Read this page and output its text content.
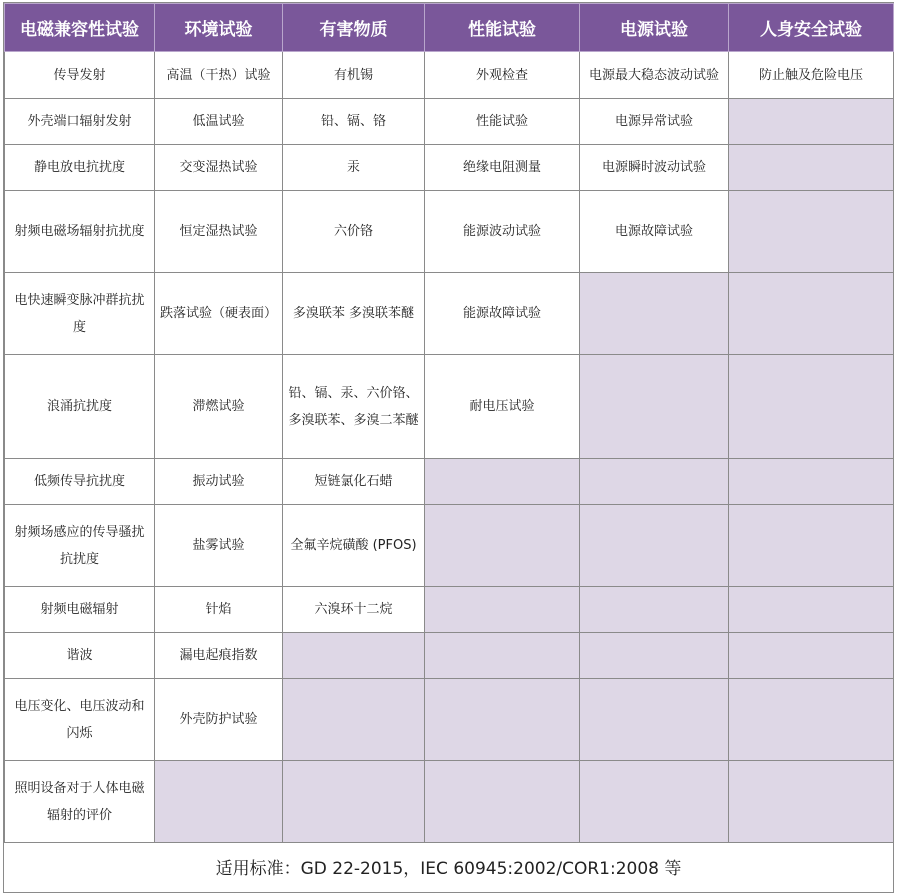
电磁兼容性试验	环境试验	有害物质	性能试验	电源试验	人身安全试验
传导发射	高温（干热）试验	有机锡	外观检查	电源最大稳态波动试验	防止触及危险电压
外壳端口辐射发射	低温试验	铅、镉、铬	性能试验	电源异常试验	
静电放电抗扰度	交变湿热试验	汞	绝缘电阻测量	电源瞬时波动试验	
射频电磁场辐射抗扰度	恒定湿热试验	六价铬	能源波动试验	电源故障试验	
电快速瞬变脉冲群抗扰度	跌落试验（硬表面）	多溴联苯 多溴联苯醚	能源故障试验		
浪涌抗扰度	滞燃试验	铅、镉、汞、六价铬、多溴联苯、多溴二苯醚	耐电压试验		
低频传导抗扰度	振动试验	短链氯化石蜡			
射频场感应的传导骚扰抗扰度	盐雾试验	全氟辛烷磺酸 (PFOS)			
射频电磁辐射	针焰	六溴环十二烷			
谐波	漏电起痕指数				
电压变化、电压波动和闪烁	外壳防护试验				
照明设备对于人体电磁辐射的评价					
适用标准：GD 22-2015，IEC 60945:2002/COR1:2008 等
